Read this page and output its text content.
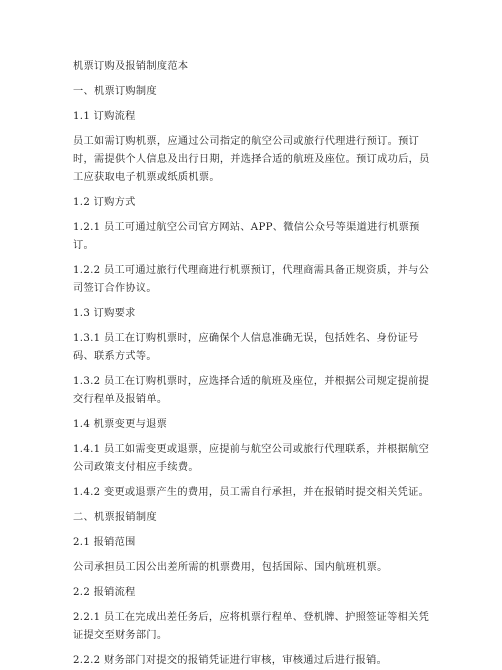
机票订购及报销制度范本

一、机票订购制度

1.1 订购流程

员工如需订购机票，应通过公司指定的航空公司或旅行代理进行预订。预订时，需提供个人信息及出行日期，并选择合适的航班及座位。预订成功后，员工应获取电子机票或纸质机票。

1.2 订购方式

1.2.1 员工可通过航空公司官方网站、APP、微信公众号等渠道进行机票预订。

1.2.2 员工可通过旅行代理商进行机票预订，代理商需具备正规资质，并与公司签订合作协议。

1.3 订购要求

1.3.1 员工在订购机票时，应确保个人信息准确无误，包括姓名、身份证号码、联系方式等。

1.3.2 员工在订购机票时，应选择合适的航班及座位，并根据公司规定提前提交行程单及报销单。

1.4 机票变更与退票

1.4.1 员工如需变更或退票，应提前与航空公司或旅行代理联系，并根据航空公司政策支付相应手续费。

1.4.2 变更或退票产生的费用，员工需自行承担，并在报销时提交相关凭证。

二、机票报销制度

2.1 报销范围

公司承担员工因公出差所需的机票费用，包括国际、国内航班机票。

2.2 报销流程

2.2.1 员工在完成出差任务后，应将机票行程单、登机牌、护照签证等相关凭证提交至财务部门。

2.2.2 财务部门对提交的报销凭证进行审核，审核通过后进行报销。
